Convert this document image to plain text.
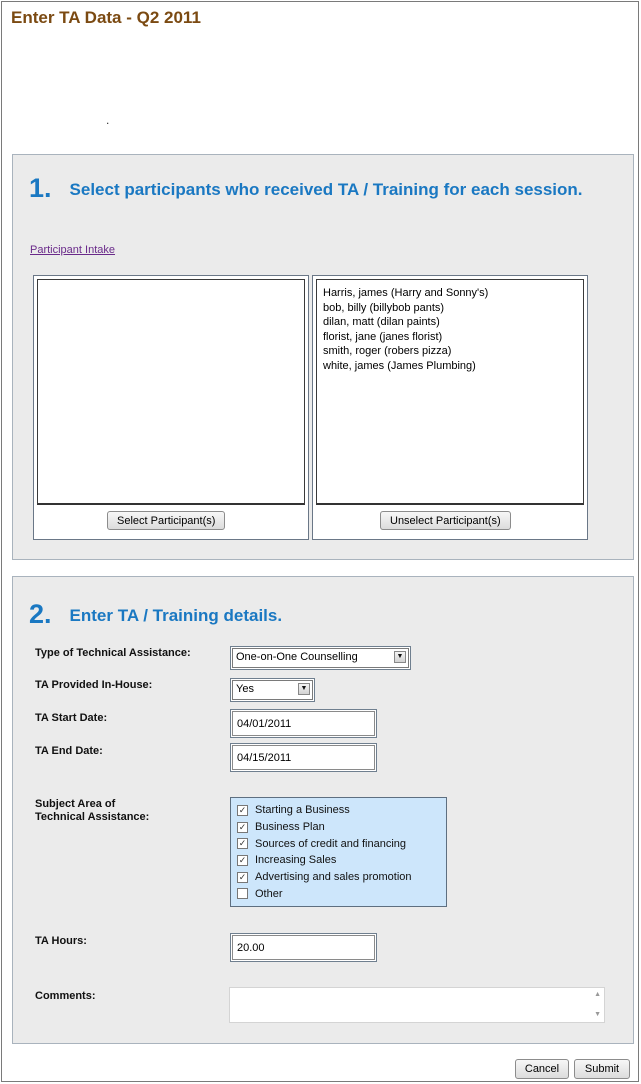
Enter TA Data - Q2 2011
.
1. Select participants who received TA / Training for each session.
Participant Intake
Select Participant(s)
Harris, james (Harry and Sonny's)
bob, billy (billybob pants)
dilan, matt (dilan paints)
florist, jane (janes florist)
smith, roger (robers pizza)
white, james (James Plumbing)
Unselect Participant(s)
2. Enter TA / Training details.
Type of Technical Assistance:	One-on-One Counselling	▼
TA Provided In-House:	Yes	▼
TA Start Date:
04/01/2011
TA End Date:
04/15/2011
Subject Area of
Technical Assistance:
✓ Starting a Business
✓ Business Plan
✓ Sources of credit and financing
✓ Increasing Sales
✓ Advertising and sales promotion
Other
TA Hours:
20.00
Comments:	▲
▼
Cancel	Submit
